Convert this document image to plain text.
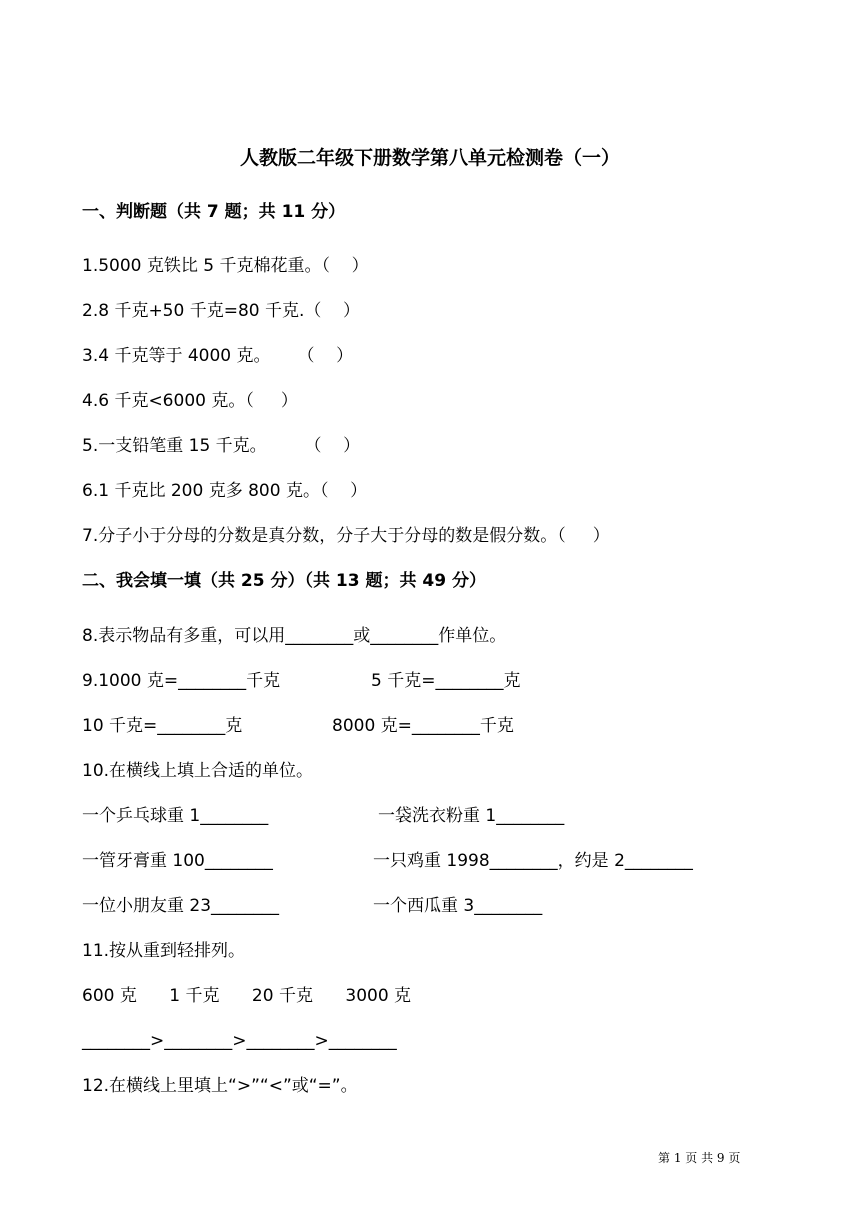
人教版二年级下册数学第八单元检测卷（一）
一、判断题（共 7 题；共 11 分）
1.5000 克铁比 5 千克棉花重。（    ）
2.8 千克+50 千克=80 千克.（    ）
3.4 千克等于 4000 克。     （    ）
4.6 千克<6000 克。（     ）
5.一支铅笔重 15 千克。       （    ）
6.1 千克比 200 克多 800 克。（    ）
7.分子小于分母的分数是真分数，分子大于分母的数是假分数。（     ）
二、我会填一填（共 25 分）（共 13 题；共 49 分）
8.表示物品有多重，可以用________或________作单位。
9.1000 克=________千克	5 千克=________克
10 千克=________克	8000 克=________千克
10.在横线上填上合适的单位。
一个乒乓球重 1________	一袋洗衣粉重 1________
一管牙膏重 100________	一只鸡重 1998________，约是 2________
一位小朋友重 23________	一个西瓜重 3________
11.按从重到轻排列。
600 克      1 千克      20 千克      3000 克
________>________>________>________
12.在横线上里填上“>”“<”或“=”。
第 1 页 共 9 页
